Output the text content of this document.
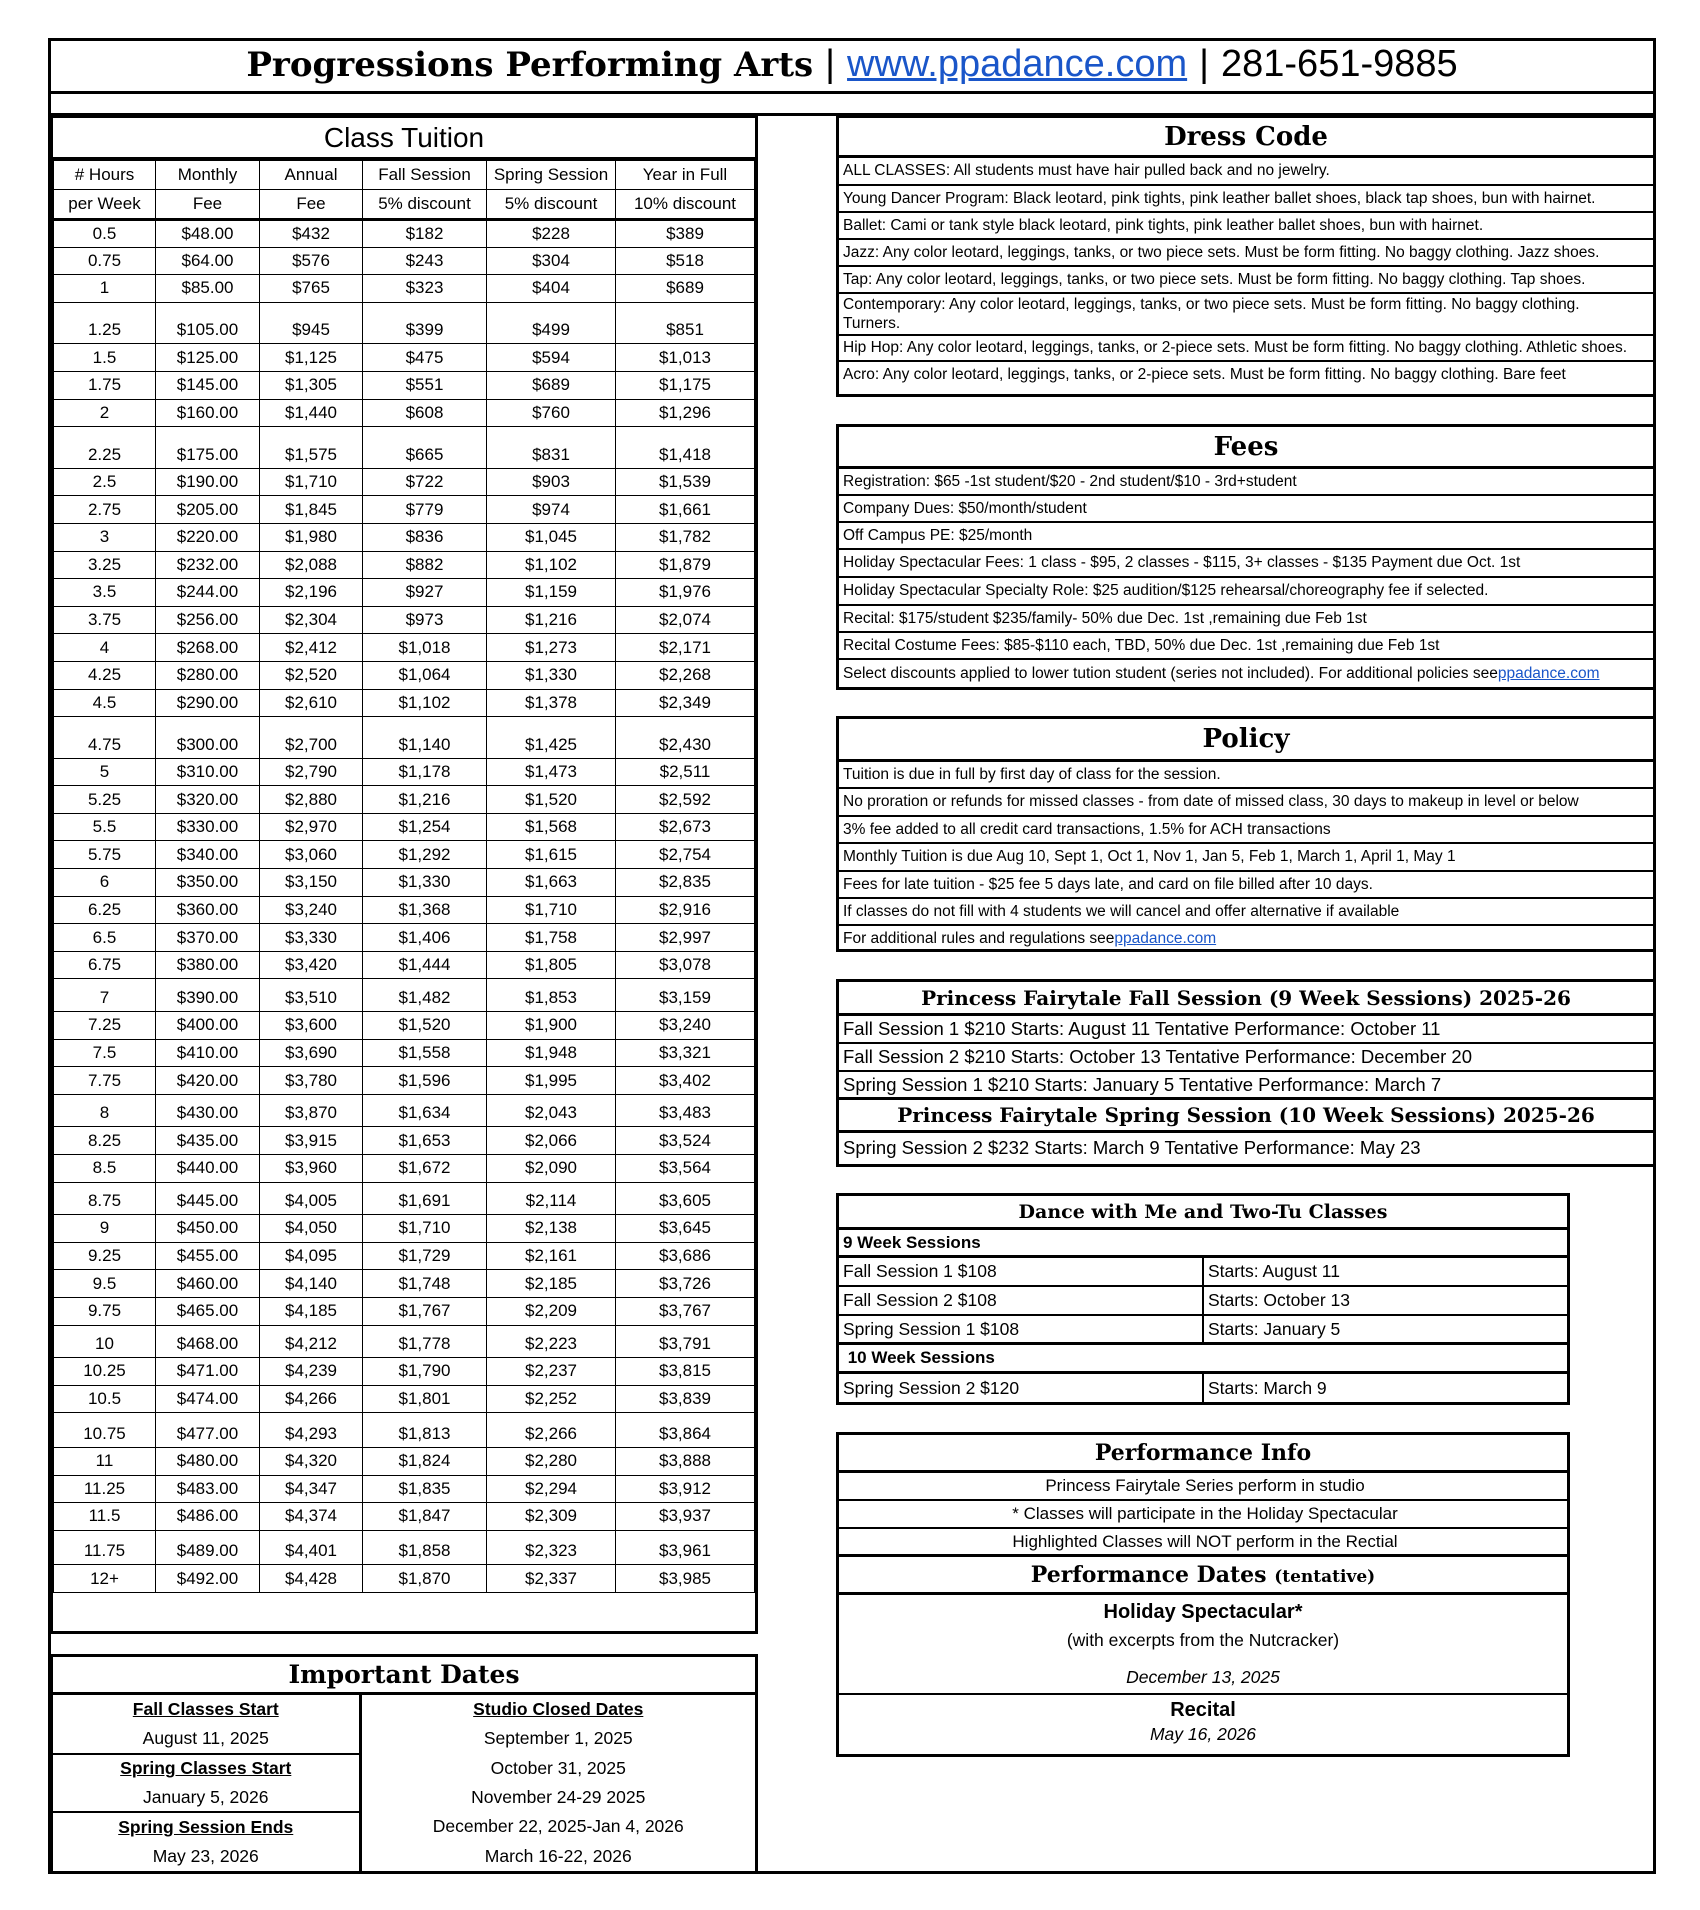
Progressions Performing Arts | www.ppadance.com | 281-651-9885
Class Tuition
# Hours	Monthly	Annual	Fall Session	Spring Session	Year in Full
per Week	Fee	Fee	5% discount	5% discount	10% discount
0.5	$48.00	$432	$182	$228	$389
0.75	$64.00	$576	$243	$304	$518
1	$85.00	$765	$323	$404	$689
1.25	$105.00	$945	$399	$499	$851
1.5	$125.00	$1,125	$475	$594	$1,013
1.75	$145.00	$1,305	$551	$689	$1,175
2	$160.00	$1,440	$608	$760	$1,296
2.25	$175.00	$1,575	$665	$831	$1,418
2.5	$190.00	$1,710	$722	$903	$1,539
2.75	$205.00	$1,845	$779	$974	$1,661
3	$220.00	$1,980	$836	$1,045	$1,782
3.25	$232.00	$2,088	$882	$1,102	$1,879
3.5	$244.00	$2,196	$927	$1,159	$1,976
3.75	$256.00	$2,304	$973	$1,216	$2,074
4	$268.00	$2,412	$1,018	$1,273	$2,171
4.25	$280.00	$2,520	$1,064	$1,330	$2,268
4.5	$290.00	$2,610	$1,102	$1,378	$2,349
4.75	$300.00	$2,700	$1,140	$1,425	$2,430
5	$310.00	$2,790	$1,178	$1,473	$2,511
5.25	$320.00	$2,880	$1,216	$1,520	$2,592
5.5	$330.00	$2,970	$1,254	$1,568	$2,673
5.75	$340.00	$3,060	$1,292	$1,615	$2,754
6	$350.00	$3,150	$1,330	$1,663	$2,835
6.25	$360.00	$3,240	$1,368	$1,710	$2,916
6.5	$370.00	$3,330	$1,406	$1,758	$2,997
6.75	$380.00	$3,420	$1,444	$1,805	$3,078
7	$390.00	$3,510	$1,482	$1,853	$3,159
7.25	$400.00	$3,600	$1,520	$1,900	$3,240
7.5	$410.00	$3,690	$1,558	$1,948	$3,321
7.75	$420.00	$3,780	$1,596	$1,995	$3,402
8	$430.00	$3,870	$1,634	$2,043	$3,483
8.25	$435.00	$3,915	$1,653	$2,066	$3,524
8.5	$440.00	$3,960	$1,672	$2,090	$3,564
8.75	$445.00	$4,005	$1,691	$2,114	$3,605
9	$450.00	$4,050	$1,710	$2,138	$3,645
9.25	$455.00	$4,095	$1,729	$2,161	$3,686
9.5	$460.00	$4,140	$1,748	$2,185	$3,726
9.75	$465.00	$4,185	$1,767	$2,209	$3,767
10	$468.00	$4,212	$1,778	$2,223	$3,791
10.25	$471.00	$4,239	$1,790	$2,237	$3,815
10.5	$474.00	$4,266	$1,801	$2,252	$3,839
10.75	$477.00	$4,293	$1,813	$2,266	$3,864
11	$480.00	$4,320	$1,824	$2,280	$3,888
11.25	$483.00	$4,347	$1,835	$2,294	$3,912
11.5	$486.00	$4,374	$1,847	$2,309	$3,937
11.75	$489.00	$4,401	$1,858	$2,323	$3,961
12+	$492.00	$4,428	$1,870	$2,337	$3,985
Important Dates
Fall Classes Start	Studio Closed Dates
August 11, 2025	September 1, 2025
Spring Classes Start	October 31, 2025
January 5, 2026	November 24-29 2025
Spring Session Ends	December 22, 2025-Jan 4, 2026
May 23, 2026	March 16-22, 2026
Dress Code
ALL CLASSES: All students must have hair pulled back and no jewelry.
Young Dancer Program: Black leotard, pink tights, pink leather ballet shoes, black tap shoes, bun with hairnet.
Ballet: Cami or tank style black leotard, pink tights, pink leather ballet shoes, bun with hairnet.
Jazz: Any color leotard, leggings, tanks, or two piece sets. Must be form fitting. No baggy clothing. Jazz shoes.
Tap: Any color leotard, leggings, tanks, or two piece sets. Must be form fitting. No baggy clothing. Tap shoes.
Contemporary: Any color leotard, leggings, tanks, or two piece sets. Must be form fitting. No baggy clothing.
Turners.
Hip Hop: Any color leotard, leggings, tanks, or 2-piece sets. Must be form fitting. No baggy clothing. Athletic shoes.
Acro: Any color leotard, leggings, tanks, or 2-piece sets. Must be form fitting. No baggy clothing. Bare feet
Fees
Registration: $65 -1st student/$20 - 2nd student/$10 - 3rd+student
Company Dues: $50/month/student
Off Campus PE: $25/month
Holiday Spectacular Fees: 1 class - $95, 2 classes - $115, 3+ classes - $135 Payment due Oct. 1st
Holiday Spectacular Specialty Role: $25 audition/$125 rehearsal/choreography fee if selected.
Recital: $175/student $235/family- 50% due Dec. 1st ,remaining due Feb 1st
Recital Costume Fees: $85-$110 each, TBD, 50% due Dec. 1st ,remaining due Feb 1st
Select discounts applied to lower tution student (series not included). For additional policies see ppadance.com
Policy
Tuition is due in full by first day of class for the session.
No proration or refunds for missed classes - from date of missed class, 30 days to makeup in level or below
3% fee added to all credit card transactions, 1.5% for ACH transactions
Monthly Tuition is due Aug 10, Sept 1, Oct 1, Nov 1, Jan 5, Feb 1, March 1, April 1, May 1
Fees for late tuition - $25 fee 5 days late, and card on file billed after 10 days.
If classes do not fill with 4 students we will cancel and offer alternative if available
For additional rules and regulations see ppadance.com
Princess Fairytale Fall Session (9 Week Sessions) 2025-26
Fall Session 1 $210 Starts: August 11 Tentative Performance: October 11
Fall Session 2 $210 Starts: October 13 Tentative Performance: December 20
Spring Session 1 $210 Starts: January 5 Tentative Performance: March 7
Princess Fairytale Spring Session (10 Week Sessions) 2025-26
Spring Session 2 $232 Starts: March 9 Tentative Performance: May 23
Dance with Me and Two-Tu Classes
9 Week Sessions
Fall Session 1 $108	Starts: August 11
Fall Session 2 $108	Starts: October 13
Spring Session 1 $108	Starts: January 5
10 Week Sessions
Spring Session 2 $120	Starts: March 9
Performance Info
Princess Fairytale Series perform in studio
* Classes will participate in the Holiday Spectacular
Highlighted Classes will NOT perform in the Rectial
Performance Dates (tentative)
Holiday Spectacular*
(with excerpts from the Nutcracker)
December 13, 2025
Recital
May 16, 2026
